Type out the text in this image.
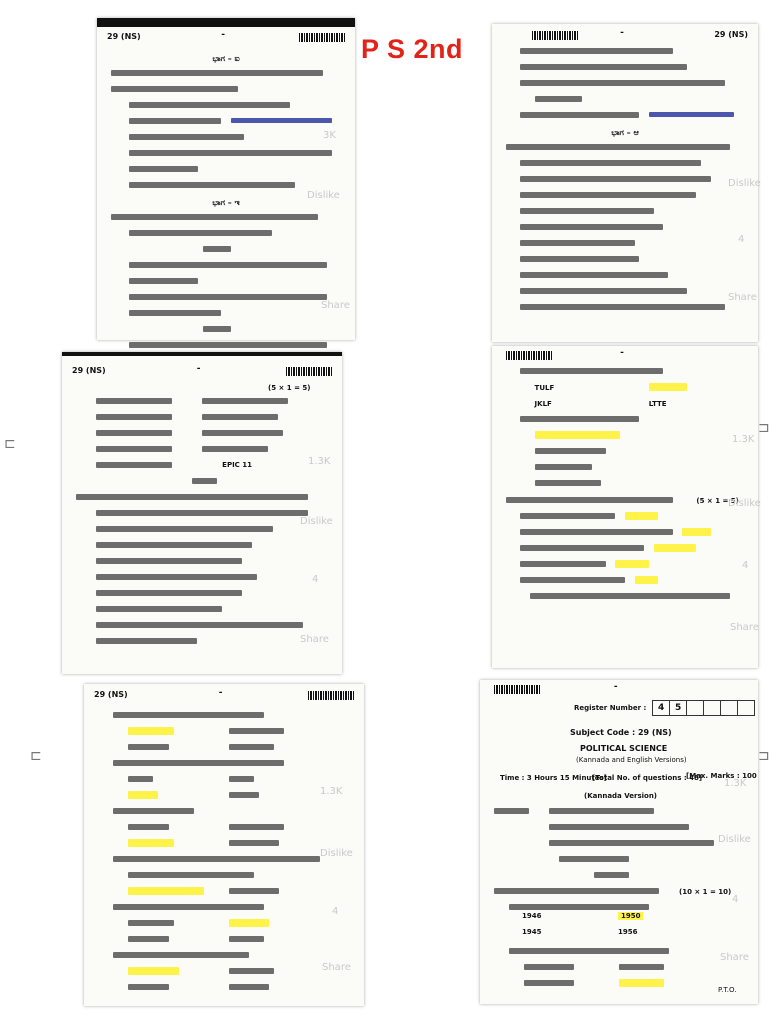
P S 2nd
29 (NS)	-
ಭಾಗ – ಐ
ಭಾಗ – ಇ
3K
Dislike
Share
-	29 (NS)
ಭಾಗ – ಆ
Dislike
4
Share
29 (NS)	-
(5 × 1 = 5)
EPIC 11	1.3K
Dislike
4
Share
-
TULF
JKLF	LTTE
(5 × 1 = 5)
1.3K
Dislike
4
Share
29 (NS)	-
1.3K
Dislike
4
Share
-
Register Number : 4 5
Subject Code : 29 (NS)
POLITICAL SCIENCE
(Kannada and English Versions)
Time : 3 Hours 15 Minutes]
[Total No. of questions : 48]
[Max. Marks : 100
(Kannada Version)
(10 × 1 = 10)
1946	1950
1945	1956
P.T.O.
1.3K
Dislike
4
Share
⊏
⊏
⊐
⊐
